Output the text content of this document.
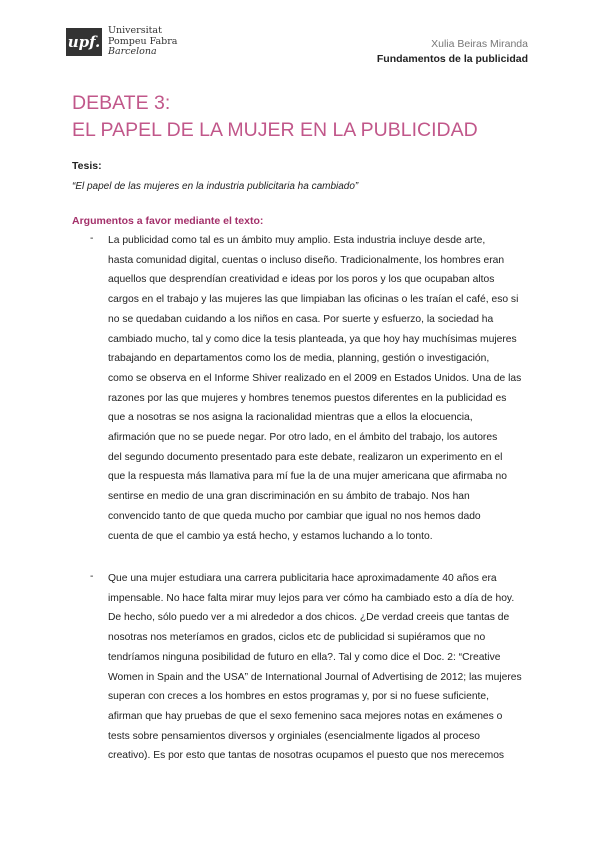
upf.
Universitat
Pompeu Fabra
Barcelona
Xulia Beiras Miranda
Fundamentos de la publicidad
DEBATE 3:
EL PAPEL DE LA MUJER EN LA PUBLICIDAD
Tesis:
“El papel de las mujeres en la industria publicitaria ha cambiado”
Argumentos a favor mediante el texto:
- La publicidad como tal es un ámbito muy amplio. Esta industria incluye desde arte,
hasta comunidad digital, cuentas o incluso diseño. Tradicionalmente, los hombres eran
aquellos que desprendían creatividad e ideas por los poros y los que ocupaban altos
cargos en el trabajo y las mujeres las que limpiaban las oficinas o les traían el café, eso si
no se quedaban cuidando a los niños en casa. Por suerte y esfuerzo, la sociedad ha
cambiado mucho, tal y como dice la tesis planteada, ya que hoy hay muchísimas mujeres
trabajando en departamentos como los de media, planning, gestión o investigación,
como se observa en el Informe Shiver realizado en el 2009 en Estados Unidos. Una de las
razones por las que mujeres y hombres tenemos puestos diferentes en la publicidad es
que a nosotras se nos asigna la racionalidad mientras que a ellos la elocuencia,
afirmación que no se puede negar. Por otro lado, en el ámbito del trabajo, los autores
del segundo documento presentado para este debate, realizaron un experimento en el
que la respuesta más llamativa para mí fue la de una mujer americana que afirmaba no
sentirse en medio de una gran discriminación en su ámbito de trabajo. Nos han
convencido tanto de que queda mucho por cambiar que igual no nos hemos dado
cuenta de que el cambio ya está hecho, y estamos luchando a lo tonto.
- Que una mujer estudiara una carrera publicitaria hace aproximadamente 40 años era
impensable. No hace falta mirar muy lejos para ver cómo ha cambiado esto a día de hoy.
De hecho, sólo puedo ver a mi alrededor a dos chicos. ¿De verdad creeis que tantas de
nosotras nos meteríamos en grados, ciclos etc de publicidad si supiéramos que no
tendríamos ninguna posibilidad de futuro en ella?. Tal y como dice el Doc. 2: “Creative
Women in Spain and the USA” de International Journal of Advertising de 2012; las mujeres
superan con creces a los hombres en estos programas y, por si no fuese suficiente,
afirman que hay pruebas de que el sexo femenino saca mejores notas en exámenes o
tests sobre pensamientos diversos y orginiales (esencialmente ligados al proceso
creativo). Es por esto que tantas de nosotras ocupamos el puesto que nos merecemos
